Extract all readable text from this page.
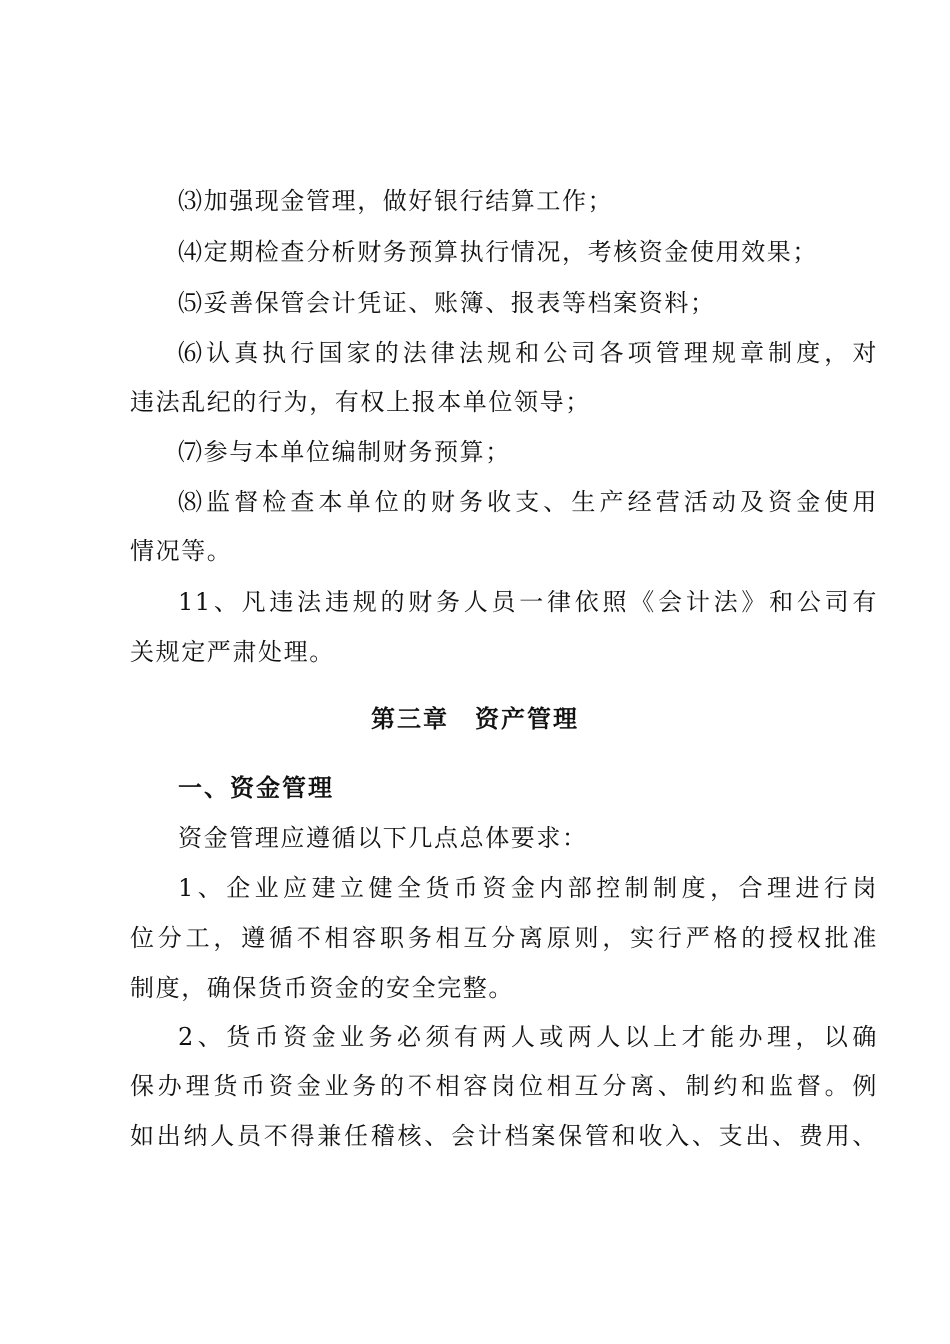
⑶加强现金管理，做好银行结算工作；
⑷定期检查分析财务预算执行情况，考核资金使用效果；
⑸妥善保管会计凭证、账簿、报表等档案资料；
⑹认真执行国家的法律法规和公司各项管理规章制度，对
违法乱纪的行为，有权上报本单位领导；
⑺参与本单位编制财务预算；
⑻监督检查本单位的财务收支、生产经营活动及资金使用
情况等。
11、凡违法违规的财务人员一律依照《会计法》和公司有
关规定严肃处理。
第三章　资产管理
一、资金管理
资金管理应遵循以下几点总体要求：
1、企业应建立健全货币资金内部控制制度，合理进行岗
位分工，遵循不相容职务相互分离原则，实行严格的授权批准
制度，确保货币资金的安全完整。
2、货币资金业务必须有两人或两人以上才能办理，以确
保办理货币资金业务的不相容岗位相互分离、制约和监督。例
如出纳人员不得兼任稽核、会计档案保管和收入、支出、费用、
